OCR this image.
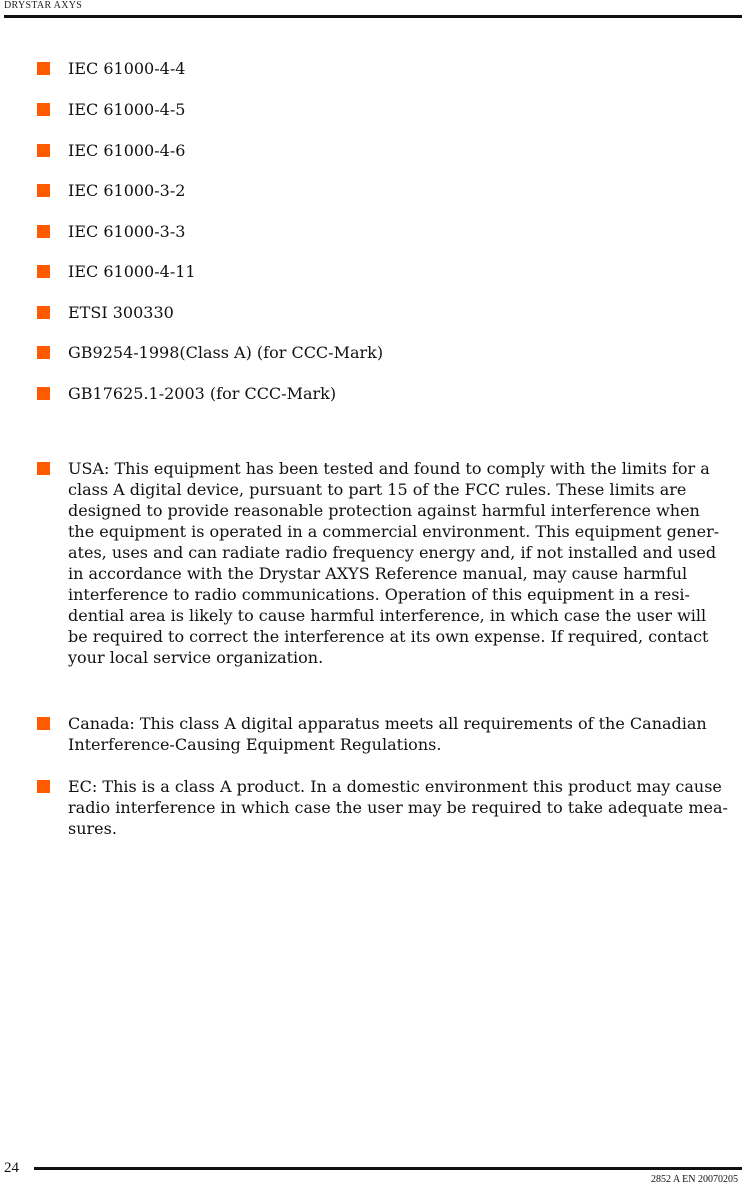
DRYSTAR AXYS
IEC 61000-4-4
IEC 61000-4-5
IEC 61000-4-6
IEC 61000-3-2
IEC 61000-3-3
IEC 61000-4-11
ETSI 300330
GB9254-1998(Class A) (for CCC-Mark)
GB17625.1-2003 (for CCC-Mark)
USA: This equipment has been tested and found to comply with the limits for a
class A digital device, pursuant to part 15 of the FCC rules. These limits are
designed to provide reasonable protection against harmful interference when
the equipment is operated in a commercial environment. This equipment gener-
ates, uses and can radiate radio frequency energy and, if not installed and used
in accordance with the Drystar AXYS Reference manual, may cause harmful
interference to radio communications. Operation of this equipment in a resi-
dential area is likely to cause harmful interference, in which case the user will
be required to correct the interference at its own expense. If required, contact
your local service organization.
Canada: This class A digital apparatus meets all requirements of the Canadian
Interference-Causing Equipment Regulations.
EC: This is a class A product. In a domestic environment this product may cause
radio interference in which case the user may be required to take adequate mea-
sures.
24
2852 A EN 20070205
